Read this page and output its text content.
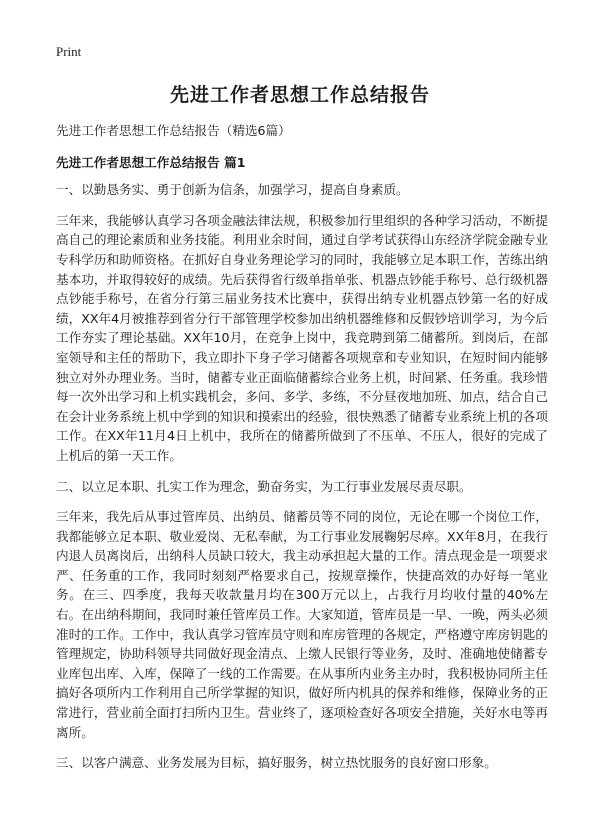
Print
先进工作者思想工作总结报告

先进工作者思想工作总结报告（精选6篇）

先进工作者思想工作总结报告 篇1

一、以勤恳务实、勇于创新为信条，加强学习，提高自身素质。

三年来，我能够认真学习各项金融法律法规，积极参加行里组织的各种学习活动，不断提高自己的理论素质和业务技能。利用业余时间，通过自学考试获得山东经济学院金融专业专科学历和助师资格。在抓好自身业务理论学习的同时，我能够立足本职工作，苦练出纳基本功，并取得较好的成绩。先后获得省行级单指单张、机器点钞能手称号、总行级机器点钞能手称号，在省分行第三届业务技术比赛中，获得出纳专业机器点钞第一名的好成绩，XX年4月被推荐到省分行干部管理学校参加出纳机器维修和反假钞培训学习，为今后工作夯实了理论基础。XX年10月，在竞争上岗中，我竞聘到第二储蓄所。到岗后，在部室领导和主任的帮助下，我立即扑下身子学习储蓄各项规章和专业知识，在短时间内能够独立对外办理业务。当时，储蓄专业正面临储蓄综合业务上机，时间紧、任务重。我珍惜每一次外出学习和上机实践机会，多问、多学、多练，不分昼夜地加班、加点，结合自己在会计业务系统上机中学到的知识和摸索出的经验，很快熟悉了储蓄专业系统上机的各项工作。在XX年11月4日上机中，我所在的储蓄所做到了不压单、不压人，很好的完成了上机后的第一天工作。

二、以立足本职、扎实工作为理念，勤奋务实，为工行事业发展尽责尽职。

三年来，我先后从事过管库员、出纳员、储蓄员等不同的岗位，无论在哪一个岗位工作，我都能够立足本职、敬业爱岗、无私奉献，为工行事业发展鞠躬尽瘁。XX年8月，在我行内退人员离岗后，出纳科人员缺口较大，我主动承担起大量的工作。清点现金是一项要求严、任务重的工作，我同时刻刻严格要求自己，按规章操作，快捷高效的办好每一笔业务。在三、四季度，我每天收款量月均在300万元以上，占我行月均收付量的40%左右。在出纳科期间，我同时兼任管库员工作。大家知道，管库员是一早、一晚，两头必须准时的工作。工作中，我认真学习管库员守则和库房管理的各规定，严格遵守库房钥匙的管理规定，协助科领导共同做好现金清点、上缴人民银行等业务，及时、准确地使储蓄专业库包出库、入库，保障了一线的工作需要。在从事所内业务主办时，我积极协同所主任搞好各项所内工作利用自己所学掌握的知识，做好所内机具的保养和维修，保障业务的正常进行，营业前全面打扫所内卫生。营业终了，逐项检查好各项安全措施，关好水电等再离所。

三、以客户满意、业务发展为目标，搞好服务，树立热忱服务的良好窗口形象。
